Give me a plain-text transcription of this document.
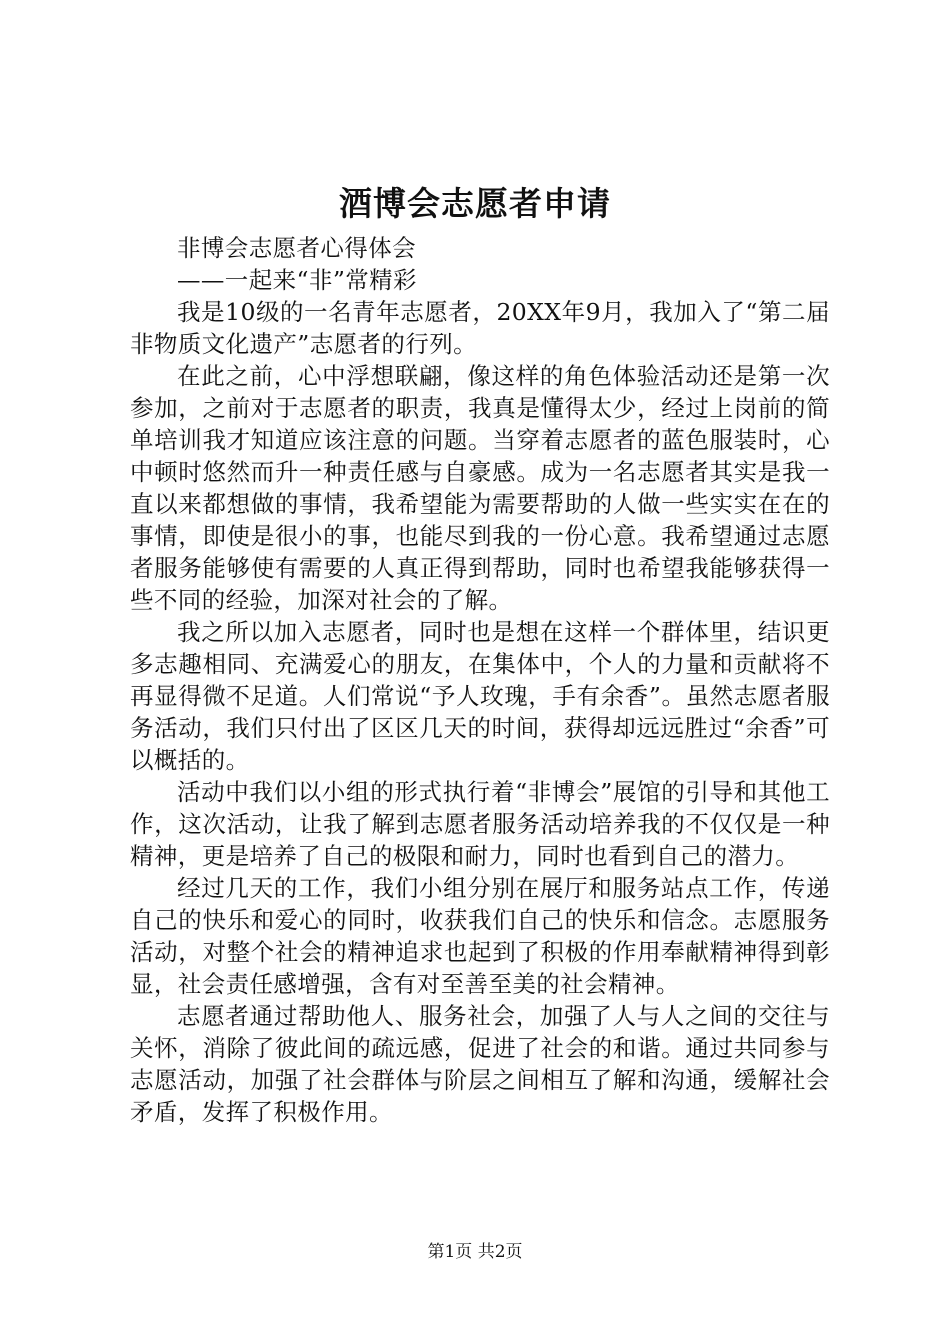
酒博会志愿者申请

非博会志愿者心得体会

——一起来“非”常精彩

我是10级的一名青年志愿者，20XX年9月，我加入了“第二届非物质文化遗产”志愿者的行列。

在此之前，心中浮想联翩，像这样的角色体验活动还是第一次参加，之前对于志愿者的职责，我真是懂得太少，经过上岗前的简单培训我才知道应该注意的问题。当穿着志愿者的蓝色服装时，心中顿时悠然而升一种责任感与自豪感。成为一名志愿者其实是我一直以来都想做的事情，我希望能为需要帮助的人做一些实实在在的事情，即使是很小的事，也能尽到我的一份心意。我希望通过志愿者服务能够使有需要的人真正得到帮助，同时也希望我能够获得一些不同的经验，加深对社会的了解。

我之所以加入志愿者，同时也是想在这样一个群体里，结识更多志趣相同、充满爱心的朋友，在集体中，个人的力量和贡献将不再显得微不足道。人们常说“予人玫瑰，手有余香”。虽然志愿者服务活动，我们只付出了区区几天的时间，获得却远远胜过“余香”可以概括的。

活动中我们以小组的形式执行着“非博会”展馆的引导和其他工作，这次活动，让我了解到志愿者服务活动培养我的不仅仅是一种精神，更是培养了自己的极限和耐力，同时也看到自己的潜力。

经过几天的工作，我们小组分别在展厅和服务站点工作，传递自己的快乐和爱心的同时，收获我们自己的快乐和信念。志愿服务活动，对整个社会的精神追求也起到了积极的作用奉献精神得到彰显，社会责任感增强，含有对至善至美的社会精神。

志愿者通过帮助他人、服务社会，加强了人与人之间的交往与关怀，消除了彼此间的疏远感，促进了社会的和谐。通过共同参与志愿活动，加强了社会群体与阶层之间相互了解和沟通，缓解社会矛盾，发挥了积极作用。

第1页 共2页
